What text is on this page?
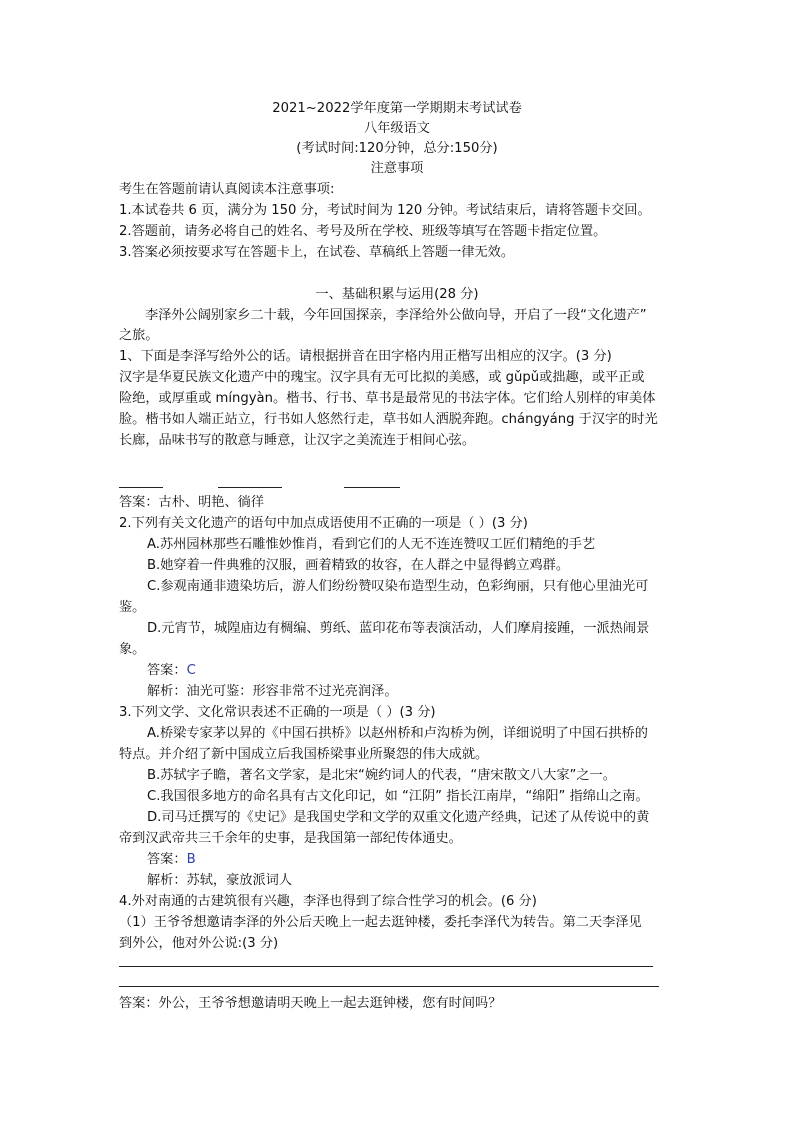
2021~2022学年度第一学期期末考试试卷
八年级语文
(考试时间:120分钟，总分:150分)
注意事项
考生在答题前请认真阅读本注意事项:
1.本试卷共 6 页，满分为 150 分，考试时间为 120 分钟。考试结束后，请将答题卡交回。
2.答题前，请务必将自己的姓名、考号及所在学校、班级等填写在答题卡指定位置。
3.答案必须按要求写在答题卡上，在试卷、草稿纸上答题一律无效。
一、基础积累与运用(28 分)
李泽外公阔别家乡二十载，今年回国探亲，李泽给外公做向导，开启了一段“文化遗产”
之旅。
1、下面是李泽写给外公的话。请根据拼音在田字格内用正楷写出相应的汉字。(3 分)
汉字是华夏民族文化遗产中的瑰宝。汉字具有无可比拟的美感，或 gǔpǔ或拙趣，或平正或
险绝，或厚重或 míngyàn。楷书、行书、草书是最常见的书法字体。它们给人别样的审美体
脸。楷书如人端正站立，行书如人悠然行走，草书如人洒脱奔跑。chángyáng 于汉字的时光
长廊，品味书写的散意与睡意，让汉字之美流连于相间心弦。
答案：古朴、明艳、徜徉
2.下列有关文化遗产的语句中加点成语使用不正确的一项是（ ）(3 分)
A.苏州园林那些石雕惟妙惟肖，看到它们的人无不连连赞叹工匠们精绝的手艺
B.她穿着一件典雅的汉服，画着精致的妆容，在人群之中显得鹤立鸡群。
C.参观南通非遗染坊后，游人们纷纷赞叹染布造型生动，色彩绚丽，只有他心里油光可
鉴。
D.元宵节，城隍庙边有椆编、剪纸、蓝印花布等表演活动，人们摩肩接踵，一派热闹景
象。
答案：C
解析：油光可鉴：形容非常不过光亮润泽。
3.下列文学、文化常识表述不正确的一项是（ ）(3 分)
A.桥梁专家茅以昇的《中国石拱桥》以赵州桥和卢沟桥为例，详细说明了中国石拱桥的
特点。并介绍了新中国成立后我国桥梁事业所聚怨的伟大成就。
B.苏轼字子瞻，著名文学家，是北宋“婉约词人的代表，“唐宋散文八大家”之一。
C.我国很多地方的命名具有古文化印记，如 “江阴” 指长江南岸，“绵阳” 指绵山之南。
D.司马迁撰写的《史记》是我国史学和文学的双重文化遗产经典，记述了从传说中的黄
帝到汉武帝共三千余年的史事，是我国第一部纪传体通史。
答案：B
解析：苏轼，豪放派词人
4.外对南通的古建筑很有兴趣，李泽也得到了综合性学习的机会。(6 分)
（1）王爷爷想邀请李泽的外公后天晚上一起去逛钟楼，委托李泽代为转告。第二天李泽见
到外公，他对外公说:(3 分)
答案：外公，王爷爷想邀请明天晚上一起去逛钟楼，您有时间吗？
